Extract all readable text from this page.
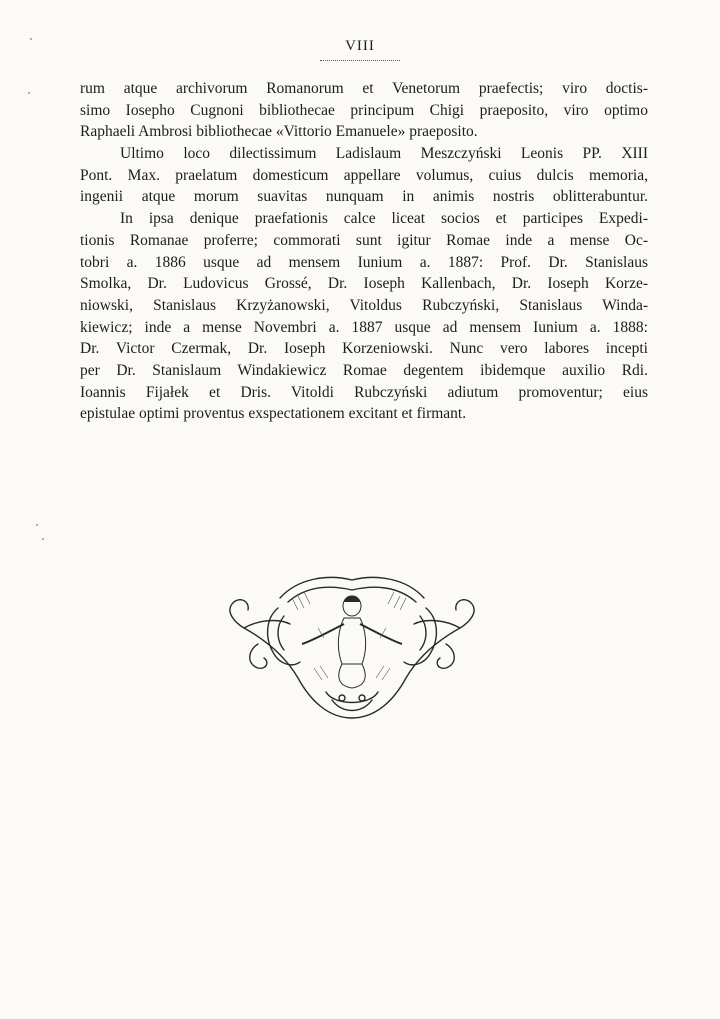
VIII
rum atque archivorum Romanorum et Venetorum praefectis; viro doctis-
simo Iosepho Cugnoni bibliothecae principum Chigi praeposito, viro optimo
Raphaeli Ambrosi bibliothecae «Vittorio Emanuele» praeposito.
Ultimo loco dilectissimum Ladislaum Meszczyński Leonis PP. XIII
Pont. Max. praelatum domesticum appellare volumus, cuius dulcis memoria,
ingenii atque morum suavitas nunquam in animis nostris oblitterabuntur.
In ipsa denique praefationis calce liceat socios et participes Expedi-
tionis Romanae proferre; commorati sunt igitur Romae inde a mense Oc-
tobri a. 1886 usque ad mensem Iunium a. 1887: Prof. Dr. Stanislaus
Smolka, Dr. Ludovicus Grossé, Dr. Ioseph Kallenbach, Dr. Ioseph Korze-
niowski, Stanislaus Krzyżanowski, Vitoldus Rubczyński, Stanislaus Winda-
kiewicz; inde a mense Novembri a. 1887 usque ad mensem Iunium a. 1888:
Dr. Victor Czermak, Dr. Ioseph Korzeniowski. Nunc vero labores incepti
per Dr. Stanislaum Windakiewicz Romae degentem ibidemque auxilio Rdi.
Ioannis Fijałek et Dris. Vitoldi Rubczyński adiutum promoventur; eius
epistulae optimi proventus exspectationem excitant et firmant.
